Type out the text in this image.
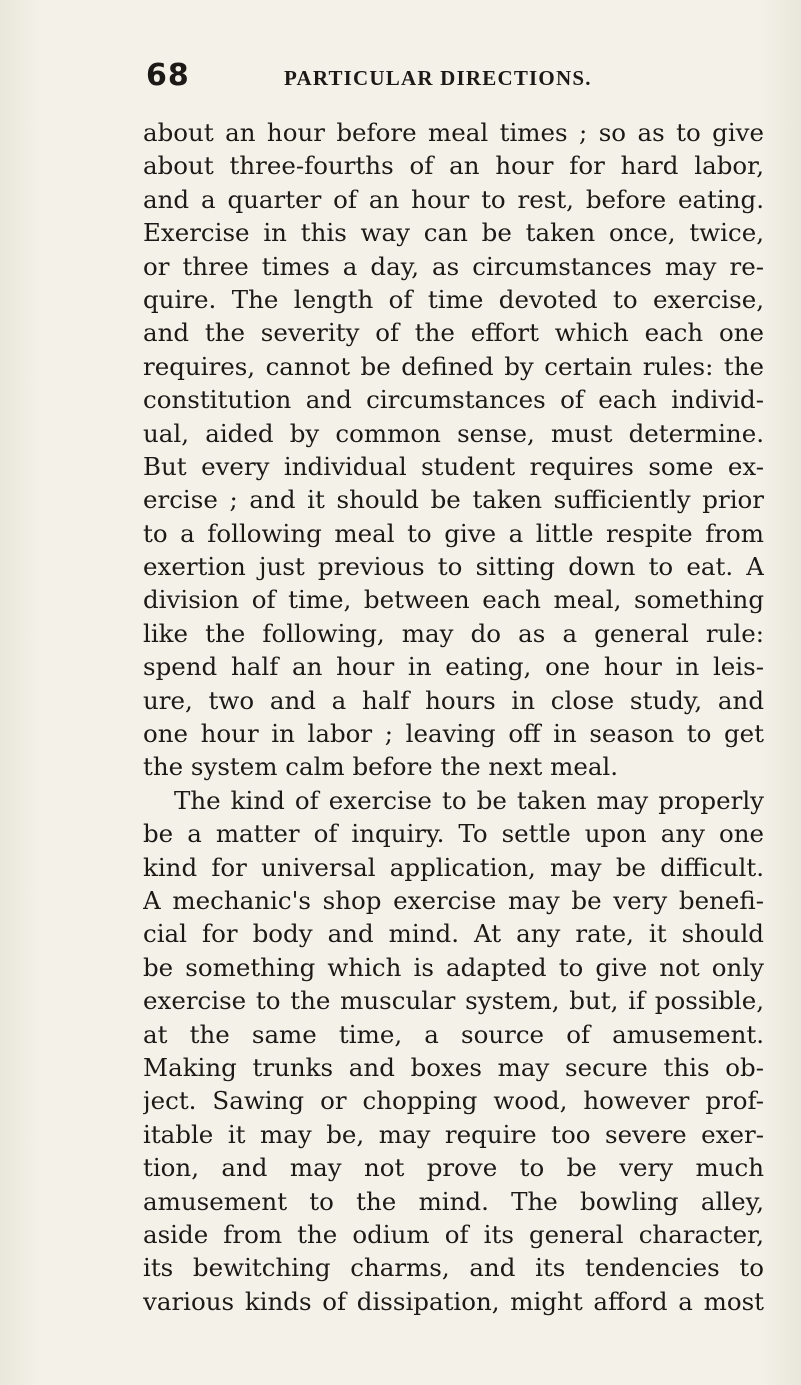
68	PARTICULAR DIRECTIONS.
about an hour before meal times ; so as to give
about three-fourths of an hour for hard labor,
and a quarter of an hour to rest, before eating.
Exercise in this way can be taken once, twice,
or three times a day, as circumstances may re-
quire. The length of time devoted to exercise,
and the severity of the effort which each one
requires, cannot be defined by certain rules: the
constitution and circumstances of each individ-
ual, aided by common sense, must determine.
But every individual student requires some ex-
ercise ; and it should be taken sufficiently prior
to a following meal to give a little respite from
exertion just previous to sitting down to eat. A
division of time, between each meal, something
like the following, may do as a general rule:
spend half an hour in eating, one hour in leis-
ure, two and a half hours in close study, and
one hour in labor ; leaving off in season to get
the system calm before the next meal.
The kind of exercise to be taken may properly
be a matter of inquiry. To settle upon any one
kind for universal application, may be difficult.
A mechanic's shop exercise may be very benefi-
cial for body and mind. At any rate, it should
be something which is adapted to give not only
exercise to the muscular system, but, if possible,
at the same time, a source of amusement.
Making trunks and boxes may secure this ob-
ject. Sawing or chopping wood, however prof-
itable it may be, may require too severe exer-
tion, and may not prove to be very much
amusement to the mind. The bowling alley,
aside from the odium of its general character,
its bewitching charms, and its tendencies to
various kinds of dissipation, might afford a most
